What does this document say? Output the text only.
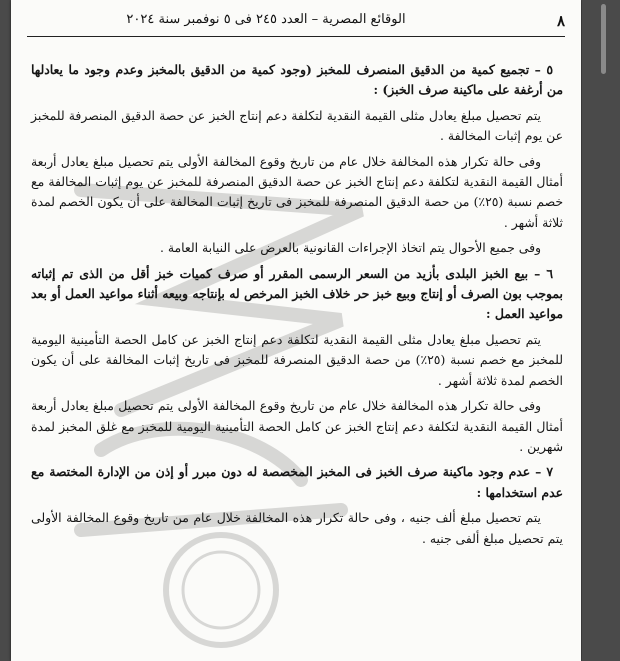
٨
الوقائع المصرية – العدد ٢٤٥ فى ٥ نوفمبر سنة ٢٠٢٤

٥ – تجميع كمية من الدقيق المنصرف للمخبز (وجود كمية من الدقيق بالمخبز وعدم وجود ما يعادلها من أرغفة على ماكينة صرف الخبز) :

يتم تحصيل مبلغ يعادل مثلى القيمة النقدية لتكلفة دعم إنتاج الخبز عن حصة الدقيق المنصرفة للمخبز عن يوم إثبات المخالفة .

وفى حالة تكرار هذه المخالفة خلال عام من تاريخ وقوع المخالفة الأولى يتم تحصيل مبلغ يعادل أربعة أمثال القيمة النقدية لتكلفة دعم إنتاج الخبز عن حصة الدقيق المنصرفة للمخبز عن يوم إثبات المخالفة مع خصم نسبة (٢٥٪) من حصة الدقيق المنصرفة للمخبز فى تاريخ إثبات المخالفة على أن يكون الخصم لمدة ثلاثة أشهر .

وفى جميع الأحوال يتم اتخاذ الإجراءات القانونية بالعرض على النيابة العامة .

٦ – بيع الخبز البلدى بأزيد من السعر الرسمى المقرر أو صرف كميات خبز أقل من الذى تم إثباته بموجب بون الصرف أو إنتاج وبيع خبز حر خلاف الخبز المرخص له بإنتاجه وبيعه أثناء مواعيد العمل أو بعد مواعيد العمل :

يتم تحصيل مبلغ يعادل مثلى القيمة النقدية لتكلفة دعم إنتاج الخبز عن كامل الحصة التأمينية اليومية للمخبز مع خصم نسبة (٢٥٪) من حصة الدقيق المنصرفة للمخبز فى تاريخ إثبات المخالفة على أن يكون الخصم لمدة ثلاثة أشهر .

وفى حالة تكرار هذه المخالفة خلال عام من تاريخ وقوع المخالفة الأولى يتم تحصيل مبلغ يعادل أربعة أمثال القيمة النقدية لتكلفة دعم إنتاج الخبز عن كامل الحصة التأمينية اليومية للمخبز مع غلق المخبز لمدة شهرين .

٧ – عدم وجود ماكينة صرف الخبز فى المخبز المخصصة له دون مبرر أو إذن من الإدارة المختصة مع عدم استخدامها :

يتم تحصيل مبلغ ألف جنيه ، وفى حالة تكرار هذه المخالفة خلال عام من تاريخ وقوع المخالفة الأولى يتم تحصيل مبلغ ألفى جنيه .
